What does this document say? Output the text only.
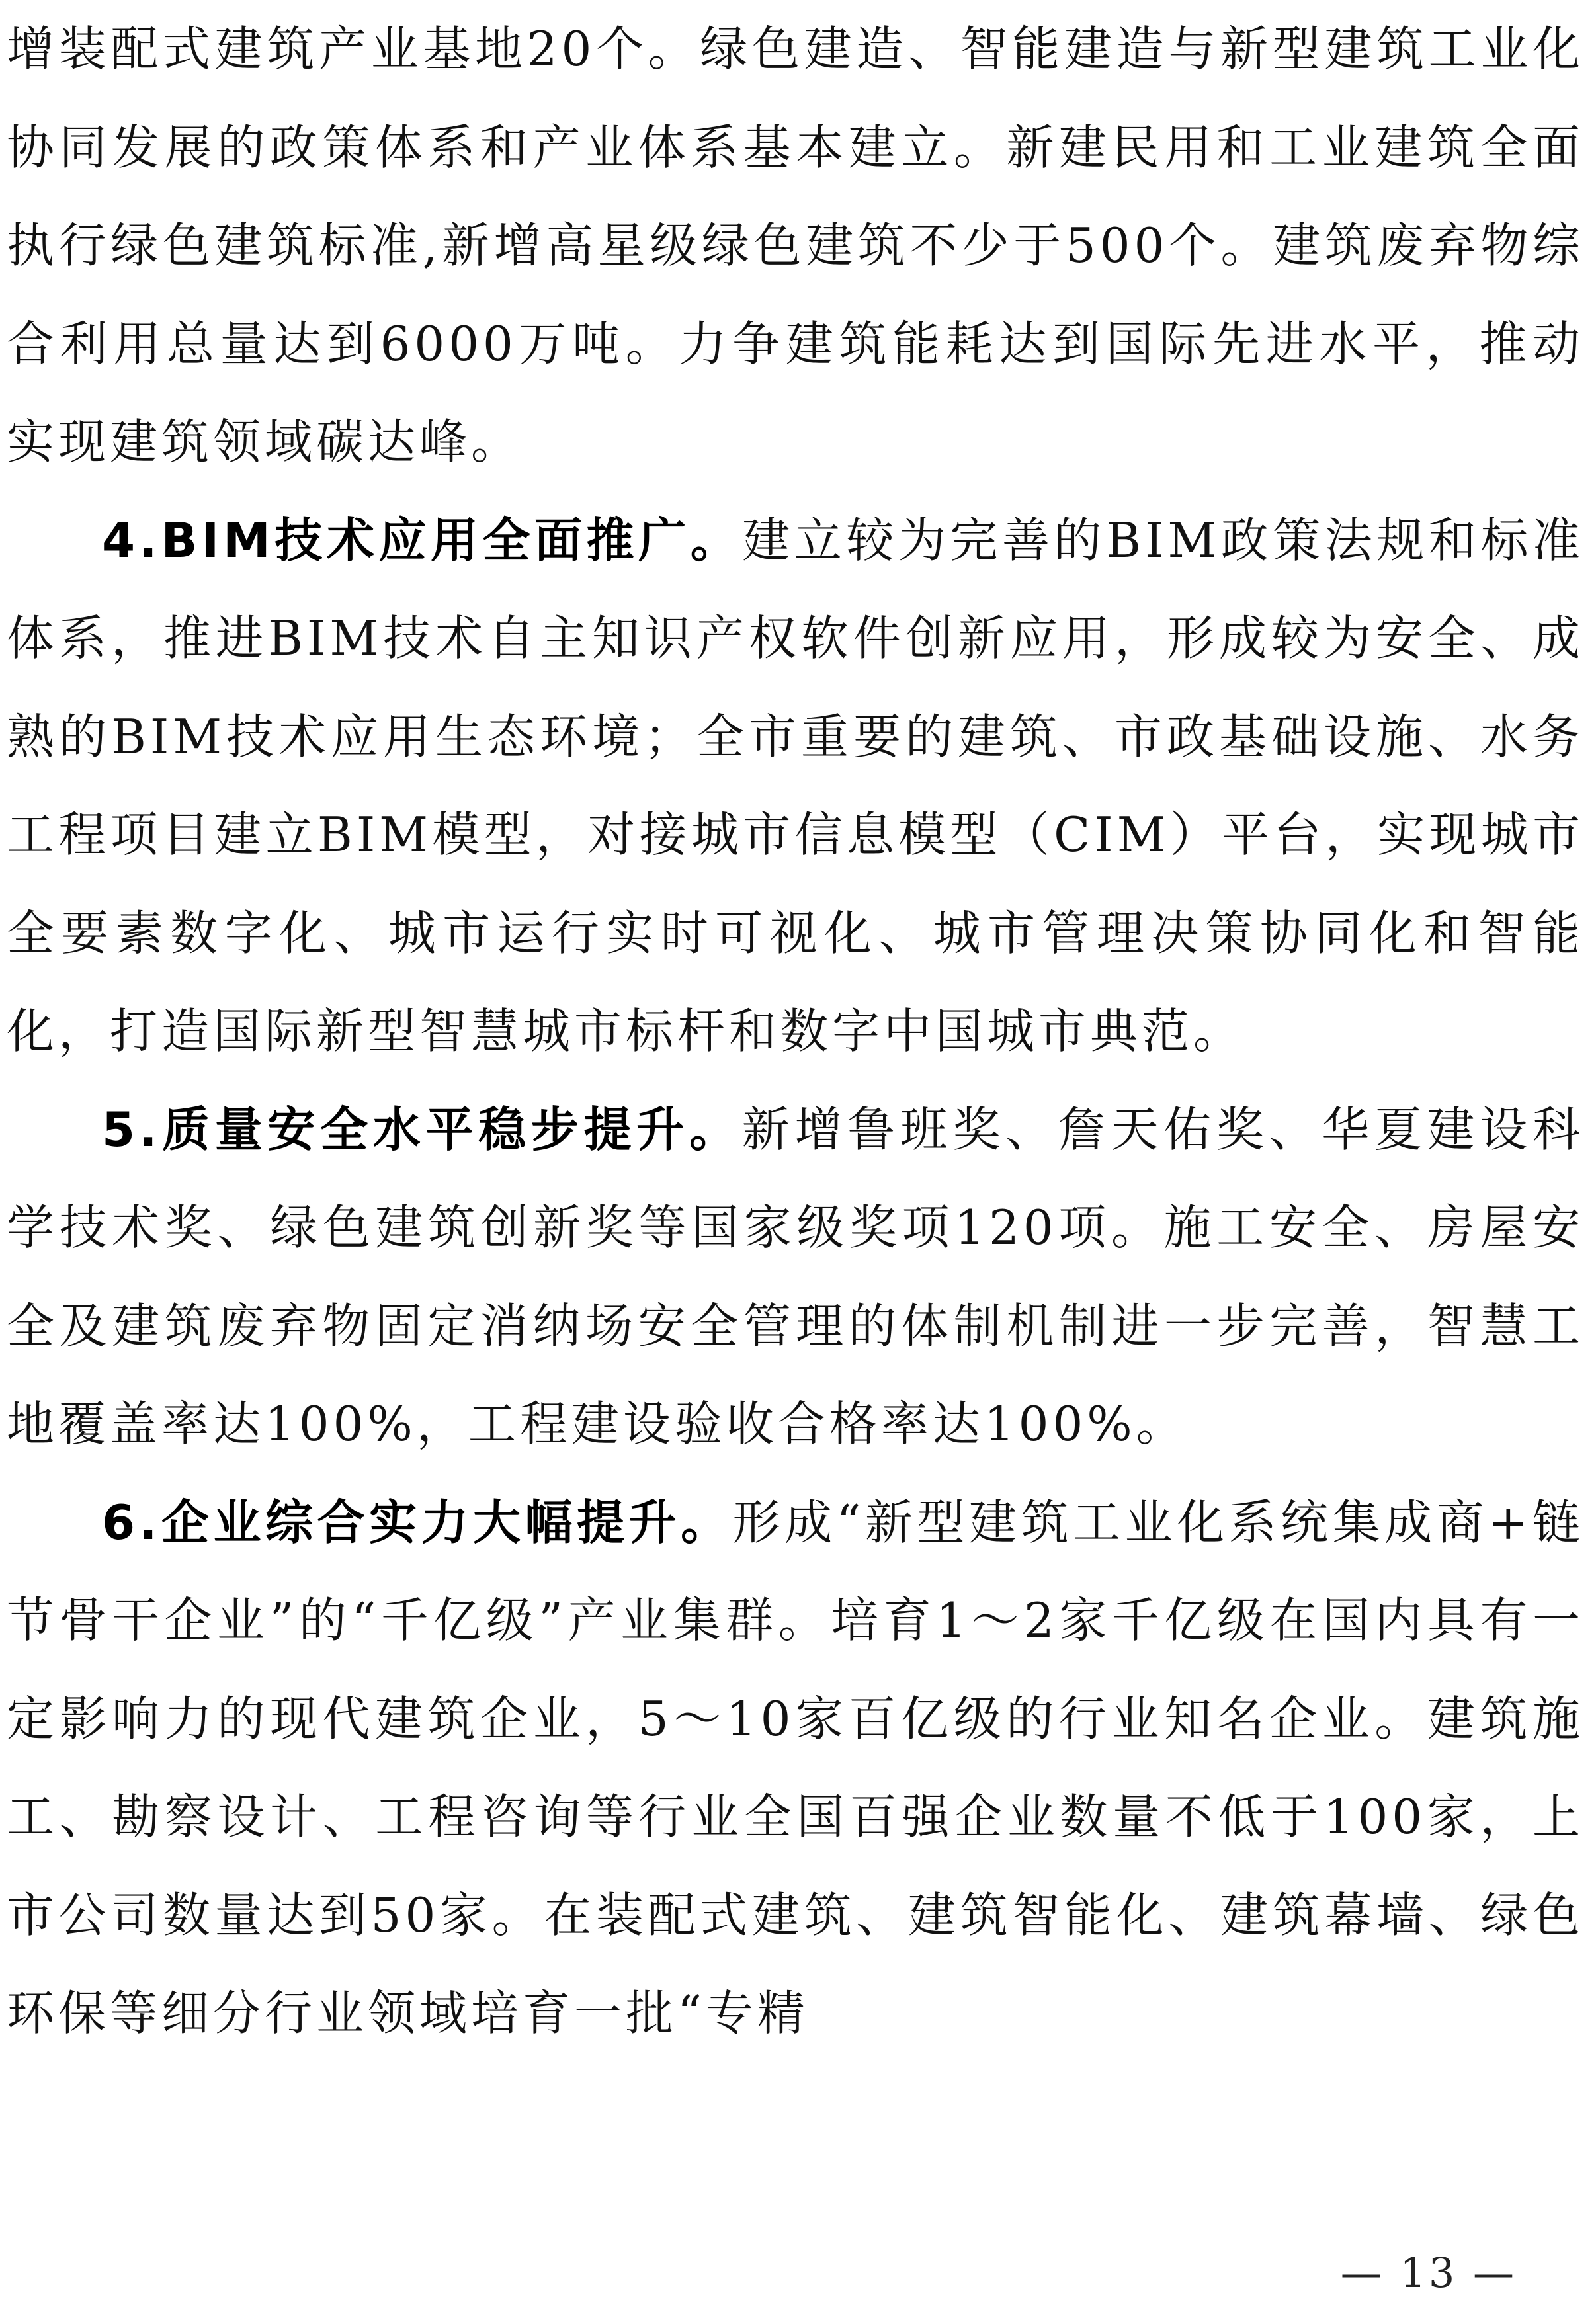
增装配式建筑产业基地20个。绿色建造、智能建造与新型建筑工业化协同发展的政策体系和产业体系基本建立。新建民用和工业建筑全面执行绿色建筑标准,新增高星级绿色建筑不少于500个。建筑废弃物综合利用总量达到6000万吨。力争建筑能耗达到国际先进水平，推动实现建筑领域碳达峰。

4.BIM技术应用全面推广。建立较为完善的BIM政策法规和标准体系，推进BIM技术自主知识产权软件创新应用，形成较为安全、成熟的BIM技术应用生态环境；全市重要的建筑、市政基础设施、水务工程项目建立BIM模型，对接城市信息模型（CIM）平台，实现城市全要素数字化、城市运行实时可视化、城市管理决策协同化和智能化，打造国际新型智慧城市标杆和数字中国城市典范。

5.质量安全水平稳步提升。新增鲁班奖、詹天佑奖、华夏建设科学技术奖、绿色建筑创新奖等国家级奖项120项。施工安全、房屋安全及建筑废弃物固定消纳场安全管理的体制机制进一步完善，智慧工地覆盖率达100%，工程建设验收合格率达100%。

6.企业综合实力大幅提升。形成“新型建筑工业化系统集成商+链节骨干企业”的“千亿级”产业集群。培育1～2家千亿级在国内具有一定影响力的现代建筑企业，5～10家百亿级的行业知名企业。建筑施工、勘察设计、工程咨询等行业全国百强企业数量不低于100家，上市公司数量达到50家。在装配式建筑、建筑智能化、建筑幕墙、绿色环保等细分行业领域培育一批“专精

— 13 —
